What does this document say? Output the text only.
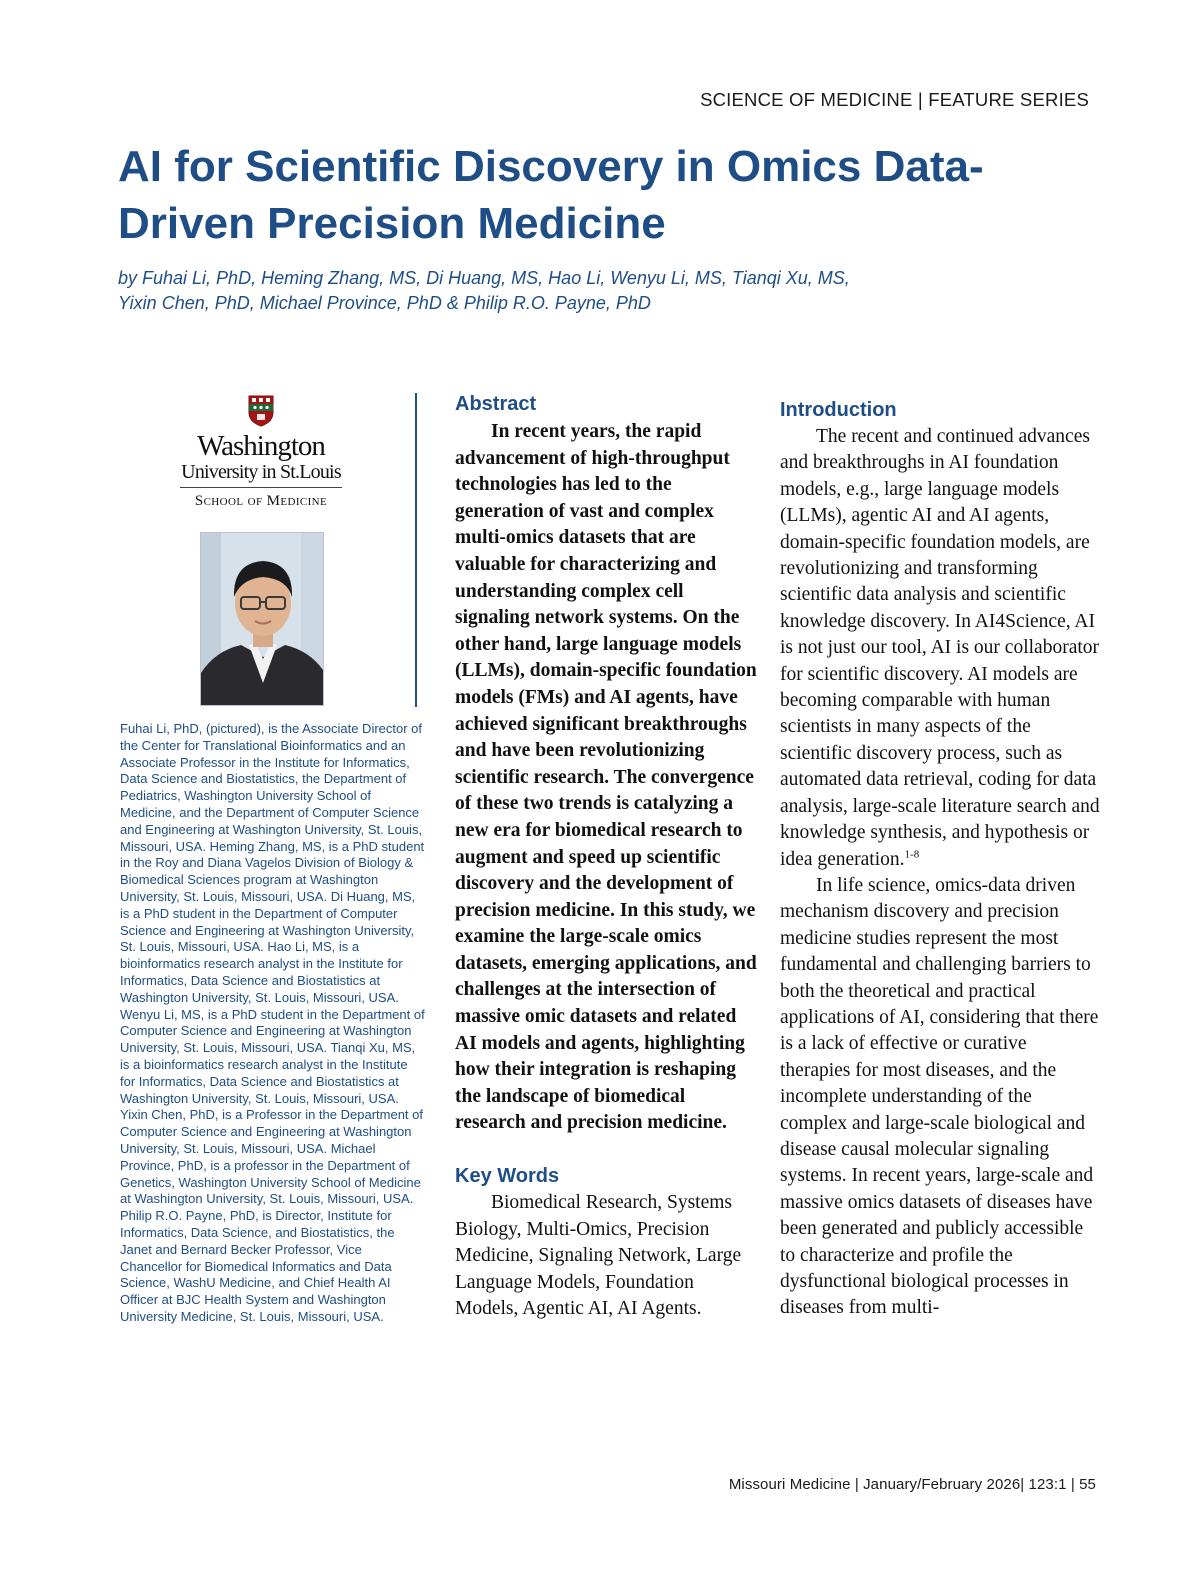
SCIENCE OF MEDICINE | FEATURE SERIES
AI for Scientific Discovery in Omics Data-Driven Precision Medicine
by Fuhai Li, PhD, Heming Zhang, MS, Di Huang, MS, Hao Li, Wenyu Li, MS, Tianqi Xu, MS,
Yixin Chen, PhD, Michael Province, PhD & Philip R.O. Payne, PhD
Washington
University in St.Louis
School of Medicine

Fuhai Li, PhD, (pictured), is the Associate Director of the Center for Translational Bioinformatics and an Associate Professor in the Institute for Informatics, Data Science and Biostatistics, the Department of Pediatrics, Washington University School of Medicine, and the Department of Computer Science and Engineering at Washington University, St. Louis, Missouri, USA. Heming Zhang, MS, is a PhD student in the Roy and Diana Vagelos Division of Biology & Biomedical Sciences program at Washington University, St. Louis, Missouri, USA. Di Huang, MS, is a PhD student in the Department of Computer Science and Engineering at Washington University, St. Louis, Missouri, USA. Hao Li, MS, is a bioinformatics research analyst in the Institute for Informatics, Data Science and Biostatistics at Washington University, St. Louis, Missouri, USA. Wenyu Li, MS, is a PhD student in the Department of Computer Science and Engineering at Washington University, St. Louis, Missouri, USA. Tianqi Xu, MS, is a bioinformatics research analyst in the Institute for Informatics, Data Science and Biostatistics at Washington University, St. Louis, Missouri, USA. Yixin Chen, PhD, is a Professor in the Department of Computer Science and Engineering at Washington University, St. Louis, Missouri, USA. Michael Province, PhD, is a professor in the Department of Genetics, Washington University School of Medicine at Washington University, St. Louis, Missouri, USA. Philip R.O. Payne, PhD, is Director, Institute for Informatics, Data Science, and Biostatistics, the Janet and Bernard Becker Professor, Vice Chancellor for Biomedical Informatics and Data Science, WashU Medicine, and Chief Health AI Officer at BJC Health System and Washington University Medicine, St. Louis, Missouri, USA.

Abstract

In recent years, the rapid advancement of high-throughput technologies has led to the generation of vast and complex multi-omics datasets that are valuable for characterizing and understanding complex cell signaling network systems. On the other hand, large language models (LLMs), domain-specific foundation models (FMs) and AI agents, have achieved significant breakthroughs and have been revolutionizing scientific research. The convergence of these two trends is catalyzing a new era for biomedical research to augment and speed up scientific discovery and the development of precision medicine. In this study, we examine the large-scale omics datasets, emerging applications, and challenges at the intersection of massive omic datasets and related AI models and agents, highlighting how their integration is reshaping the landscape of biomedical research and precision medicine.

Key Words

Biomedical Research, Systems Biology, Multi-Omics, Precision Medicine, Signaling Network, Large Language Models, Foundation Models, Agentic AI, AI Agents.

Introduction

The recent and continued advances and breakthroughs in AI foundation models, e.g., large language models (LLMs), agentic AI and AI agents, domain-specific foundation models, are revolutionizing and transforming scientific data analysis and scientific knowledge discovery. In AI4Science, AI is not just our tool, AI is our collaborator for scientific discovery. AI models are becoming comparable with human scientists in many aspects of the scientific discovery process, such as automated data retrieval, coding for data analysis, large-scale literature search and knowledge synthesis, and hypothesis or idea generation.$^{1-8}$

In life science, omics-data driven mechanism discovery and precision medicine studies represent the most fundamental and challenging barriers to both the theoretical and practical applications of AI, considering that there is a lack of effective or curative therapies for most diseases, and the incomplete understanding of the complex and large-scale biological and disease causal molecular signaling systems. In recent years, large-scale and massive omics datasets of diseases have been generated and publicly accessible to characterize and profile the dysfunctional biological processes in diseases from multi-

Missouri Medicine | January/February 2026| 123:1 | 55
